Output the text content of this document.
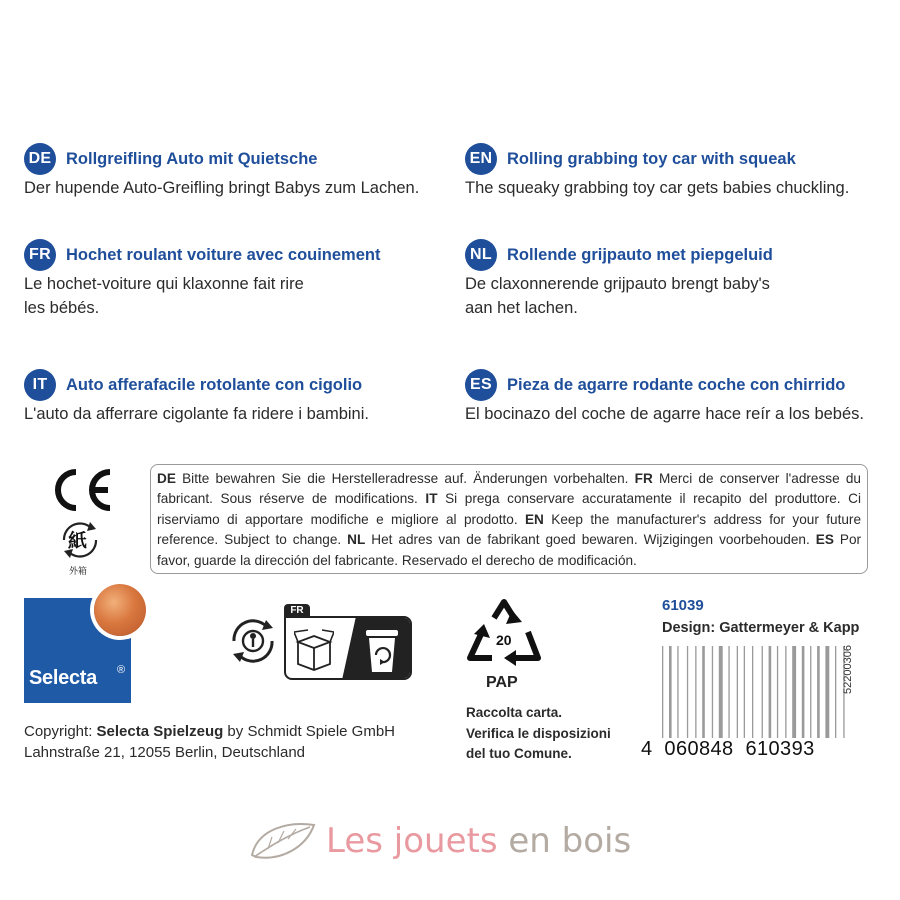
DE Rollgreifling Auto mit Quietsche
Der hupende Auto-Greifling bringt Babys zum Lachen.
EN Rolling grabbing toy car with squeak
The squeaky grabbing toy car gets babies chuckling.
FR Hochet roulant voiture avec couinement
Le hochet-voiture qui klaxonne fait rire
les bébés.
NL Rollende grijpauto met piepgeluid
De claxonnerende grijpauto brengt baby's
aan het lachen.
IT	Auto afferafacile rotolante con cigolio
L'auto da afferrare cigolante fa ridere i bambini.
ES Pieza de agarre rodante coche con chirrido
El bocinazo del coche de agarre hace reír a los bebés.
紙
外箱
DE Bitte bewahren Sie die Herstelleradresse auf. Änderungen vorbehalten. FR Merci de conserver l'adresse du fabricant. Sous réserve de modifications. IT Si prega conservare accuratamente il recapito del produttore. Ci riserviamo di apportare modifiche e migliore al prodotto. EN Keep the manufacturer's address for your future reference. Subject to change. NL Het adres van de fabrikant goed bewaren. Wijzigingen voorbehouden. ES Por favor, guarde la dirección del fabricante. Reservado el derecho de modificación.
Selecta ®
FR
20
PAP
Raccolta carta.
Verifica le disposizioni
del tuo Comune.
61039
Design: Gattermeyer & Kapp
4  060848  610393
52200306
Copyright: Selecta Spielzeug by Schmidt Spiele GmbH
Lahnstraße 21, 12055 Berlin, Deutschland
Les jouets en bois
